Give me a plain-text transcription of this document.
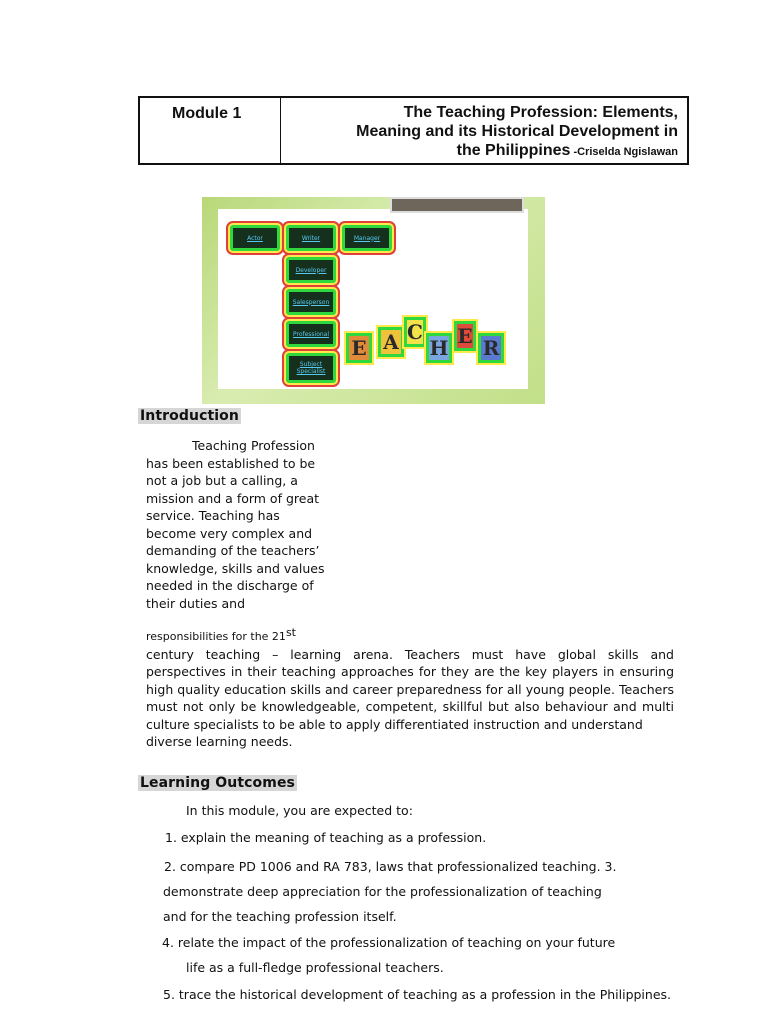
Module 1	The Teaching Profession: Elements,
Meaning and its Historical Development in
the Philippines -Criselda Ngislawan
Actor	Writer	Manager
Developer
Salesperson
Professional
Subject Specialist
E A C
H E R
Introduction
Teaching Profession
has been established to be
not a job but a calling, a
mission and a form of great
service. Teaching has
become very complex and
demanding of the teachers’
knowledge, skills and values
needed in the discharge of
their duties and
responsibilities for the 21st
century teaching – learning arena. Teachers must have global skills and
perspectives in their teaching approaches for they are the key players in ensuring
high quality education skills and career preparedness for all young people. Teachers
must not only be knowledgeable, competent, skillful but also behaviour and multi
culture specialists to be able to apply differentiated instruction and understand
diverse learning needs.
Learning Outcomes
In this module, you are expected to:
1. explain the meaning of teaching as a profession.
2. compare PD 1006 and RA 783, laws that professionalized teaching. 3.
demonstrate deep appreciation for the professionalization of teaching
and for the teaching profession itself.
4. relate the impact of the professionalization of teaching on your future
life as a full-fledge professional teachers.
5. trace the historical development of teaching as a profession in the Philippines.
